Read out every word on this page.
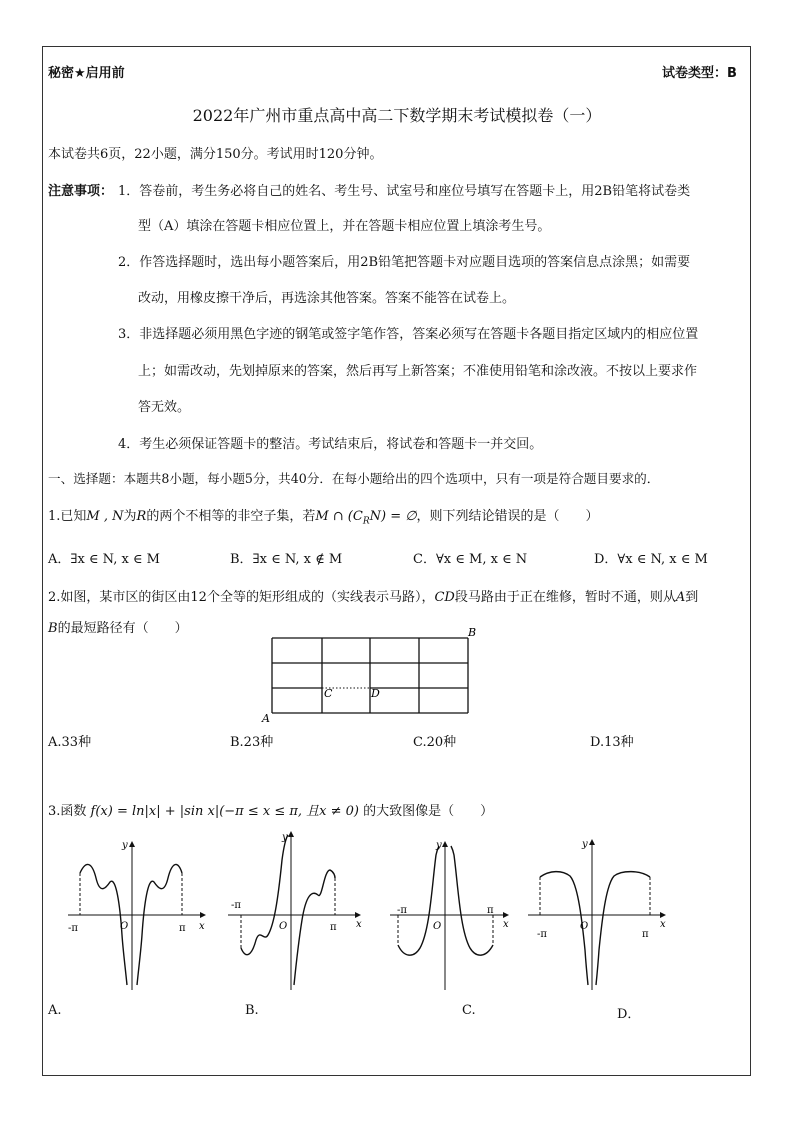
秘密★启用前	试卷类型：B
2022年广州市重点高中高二下数学期末考试模拟卷（一）
本试卷共6页，22小题，满分150分。考试用时120分钟。
注意事项： 1．答卷前，考生务必将自己的姓名、考生号、试室号和座位号填写在答题卡上，用2B铅笔将试卷类
型（A）填涂在答题卡相应位置上，并在答题卡相应位置上填涂考生号。
2．作答选择题时，选出每小题答案后，用2B铅笔把答题卡对应题目选项的答案信息点涂黑；如需要
改动，用橡皮擦干净后，再选涂其他答案。答案不能答在试卷上。
3．非选择题必须用黑色字迹的钢笔或签字笔作答，答案必须写在答题卡各题目指定区域内的相应位置
上；如需改动，先划掉原来的答案，然后再写上新答案；不准使用铅笔和涂改液。不按以上要求作
答无效。
4．考生必须保证答题卡的整洁。考试结束后，将试卷和答题卡一并交回。
一、选择题：本题共8小题，每小题5分，共40分．在每小题给出的四个选项中，只有一项是符合题目要求的．
1.已知M , N为R的两个不相等的非空子集，若M ∩ $(C_RN)$ = ∅，则下列结论错误的是（　　）
A．∃x ∈ N, x ∈ M	B．∃x ∈ N, x ∉ M	C．∀x ∈ M, x ∈ N	D．∀x ∈ N, x ∈ M
2.如图，某市区的街区由12个全等的矩形组成的（实线表示马路），CD段马路由于正在维修，暂时不通，则从A到
B的最短路径有（　　）
A
B
C	D
A.33种	B.23种	C.20种	D.13种
3.函数 f(x) = ln|x| + |sin x|(−π ≤ x ≤ π, 且x ≠ 0) 的大致图像是（　　）
-π	π
O	x
y
-π
π
O	x
y
-π	π
O	x
y
-π	π
O	x
y
A.	B.	C.	D．
